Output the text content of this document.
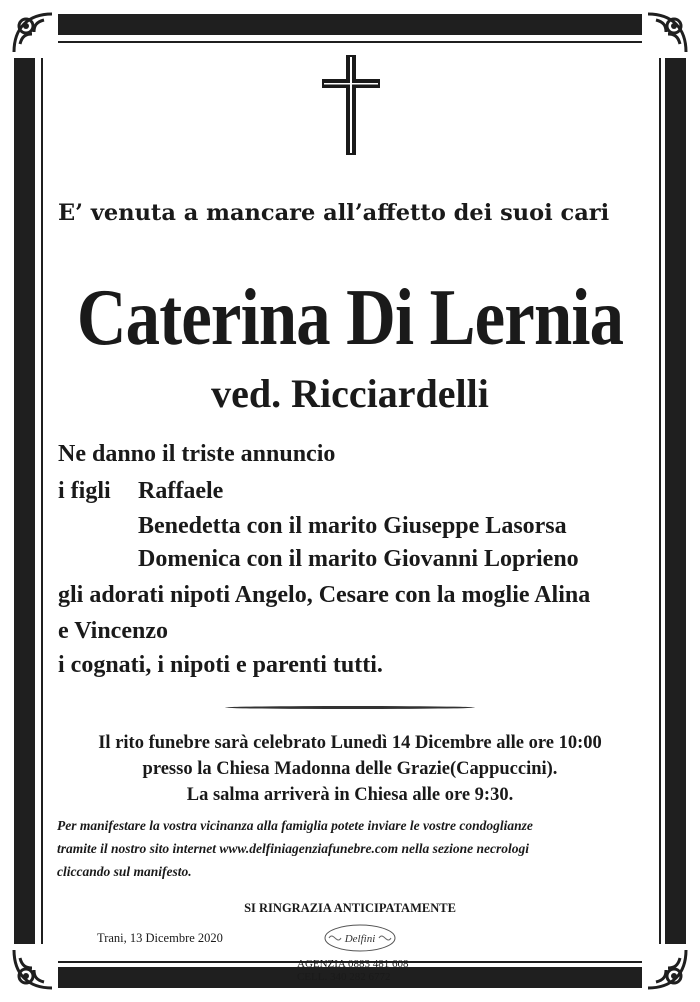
E’ venuta a mancare all’affetto dei suoi cari
Caterina Di Lernia
ved. Ricciardelli
Ne danno il triste annuncio
i figli Raffaele
Benedetta con il marito Giuseppe Lasorsa
Domenica con il marito Giovanni Loprieno
gli adorati nipoti Angelo, Cesare con la moglie Alina
e Vincenzo
i cognati, i nipoti e parenti tutti.
Il rito funebre sarà celebrato Lunedì 14 Dicembre alle ore 10:00
presso la Chiesa Madonna delle Grazie(Cappuccini).
La salma arriverà in Chiesa alle ore 9:30.
Per manifestare la vostra vicinanza alla famiglia potete inviare le vostre condoglianze
tramite il nostro sito internet www.delfiniagenziafunebre.com nella sezione necrologi
cliccando sul manifesto.
SI RINGRAZIA ANTICIPATAMENTE
Trani, 13 Dicembre 2020	Delfini
AGENZIA 0883 481 608
CELL. 340 282 6772
